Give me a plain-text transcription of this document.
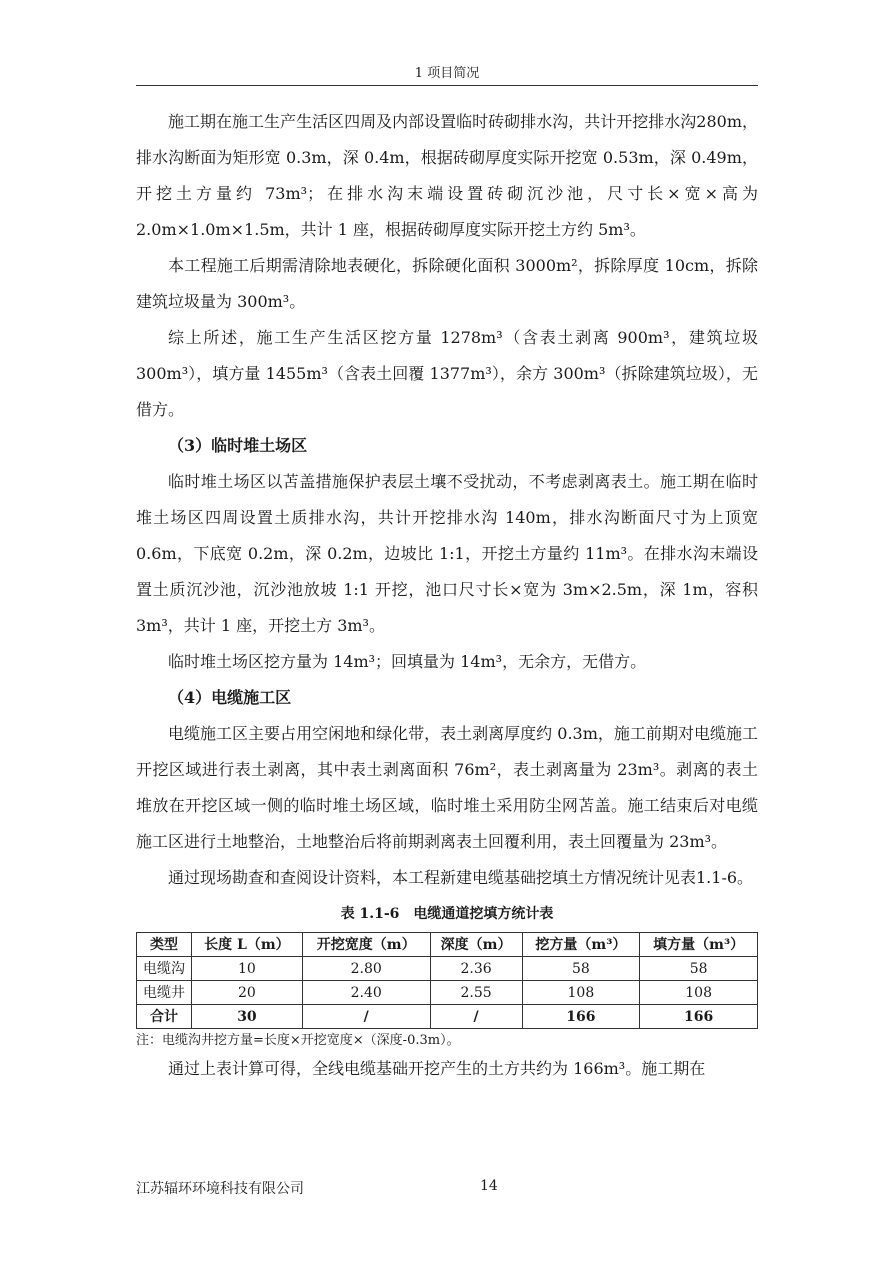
1 项目简况

施工期在施工生产生活区四周及内部设置临时砖砌排水沟，共计开挖排水沟280m，排水沟断面为矩形宽 0.3m，深 0.4m，根据砖砌厚度实际开挖宽 0.53m，深 0.49m，开挖土方量约 73m³；在排水沟末端设置砖砌沉沙池，尺寸长×宽×高为 2.0m×1.0m×1.5m，共计 1 座，根据砖砌厚度实际开挖土方约 5m³。

本工程施工后期需清除地表硬化，拆除硬化面积 3000m²，拆除厚度 10cm，拆除建筑垃圾量为 300m³。

综上所述，施工生产生活区挖方量 1278m³（含表土剥离 900m³，建筑垃圾300m³），填方量 1455m³（含表土回覆 1377m³），余方 300m³（拆除建筑垃圾），无借方。

（3）临时堆土场区

临时堆土场区以苫盖措施保护表层土壤不受扰动，不考虑剥离表土。施工期在临时堆土场区四周设置土质排水沟，共计开挖排水沟 140m，排水沟断面尺寸为上顶宽 0.6m，下底宽 0.2m，深 0.2m，边坡比 1:1，开挖土方量约 11m³。在排水沟末端设置土质沉沙池，沉沙池放坡 1:1 开挖，池口尺寸长×宽为 3m×2.5m，深 1m，容积 3m³，共计 1 座，开挖土方 3m³。

临时堆土场区挖方量为 14m³；回填量为 14m³，无余方，无借方。

（4）电缆施工区

电缆施工区主要占用空闲地和绿化带，表土剥离厚度约 0.3m，施工前期对电缆施工开挖区域进行表土剥离，其中表土剥离面积 76m²，表土剥离量为 23m³。剥离的表土堆放在开挖区域一侧的临时堆土场区域，临时堆土采用防尘网苫盖。施工结束后对电缆施工区进行土地整治，土地整治后将前期剥离表土回覆利用，表土回覆量为 23m³。

通过现场勘查和查阅设计资料，本工程新建电缆基础挖填土方情况统计见表1.1-6。

表 1.1-6　电缆通道挖填方统计表
类型	长度 L（m）	开挖宽度（m）	深度（m）	挖方量（m³）	填方量（m³）
电缆沟	10	2.80	2.36	58	58
电缆井	20	2.40	2.55	108	108
合计	30	/	/	166	166
注：电缆沟井挖方量=长度×开挖宽度×（深度-0.3m）。

通过上表计算可得，全线电缆基础开挖产生的土方共约为 166m³。施工期在

江苏辐环环境科技有限公司	14
